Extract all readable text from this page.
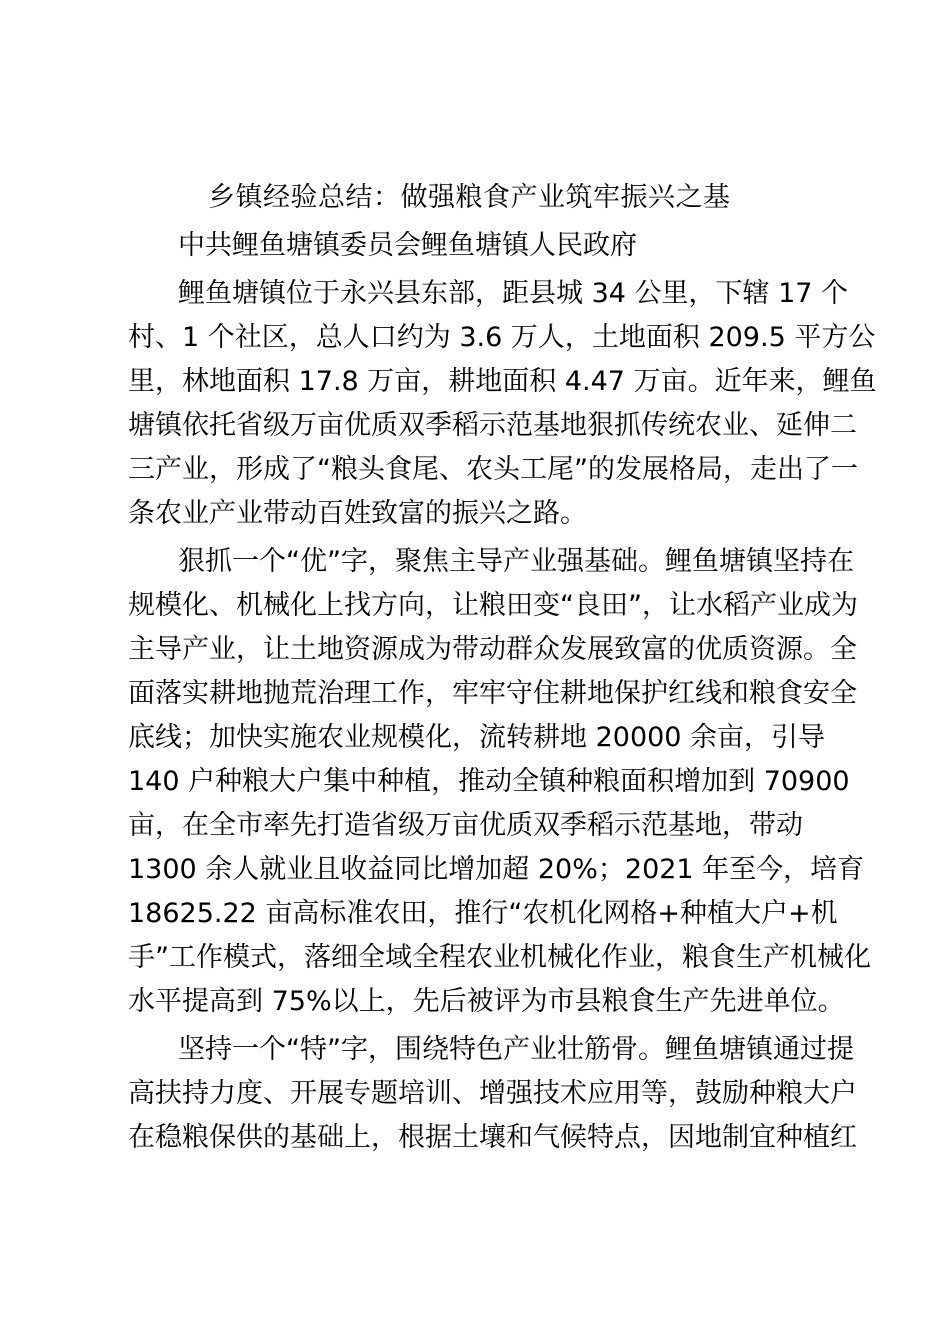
乡镇经验总结：做强粮食产业筑牢振兴之基
中共鲤鱼塘镇委员会鲤鱼塘镇人民政府
鲤鱼塘镇位于永兴县东部，距县城 34 公里，下辖 17 个
村、1 个社区，总人口约为 3.6 万人，土地面积 209.5 平方公
里，林地面积 17.8 万亩，耕地面积 4.47 万亩。近年来，鲤鱼
塘镇依托省级万亩优质双季稻示范基地狠抓传统农业、延伸二
三产业，形成了“粮头食尾、农头工尾”的发展格局，走出了一
条农业产业带动百姓致富的振兴之路。
狠抓一个“优”字，聚焦主导产业强基础。鲤鱼塘镇坚持在
规模化、机械化上找方向，让粮田变“良田”，让水稻产业成为
主导产业，让土地资源成为带动群众发展致富的优质资源。全
面落实耕地抛荒治理工作，牢牢守住耕地保护红线和粮食安全
底线；加快实施农业规模化，流转耕地 20000 余亩，引导
140 户种粮大户集中种植，推动全镇种粮面积增加到 70900
亩，在全市率先打造省级万亩优质双季稻示范基地，带动
1300 余人就业且收益同比增加超 20%；2021 年至今，培育
18625.22 亩高标准农田，推行“农机化网格+种植大户+机
手”工作模式，落细全域全程农业机械化作业，粮食生产机械化
水平提高到 75%以上，先后被评为市县粮食生产先进单位。
坚持一个“特”字，围绕特色产业壮筋骨。鲤鱼塘镇通过提
高扶持力度、开展专题培训、增强技术应用等，鼓励种粮大户
在稳粮保供的基础上，根据土壤和气候特点，因地制宜种植红
